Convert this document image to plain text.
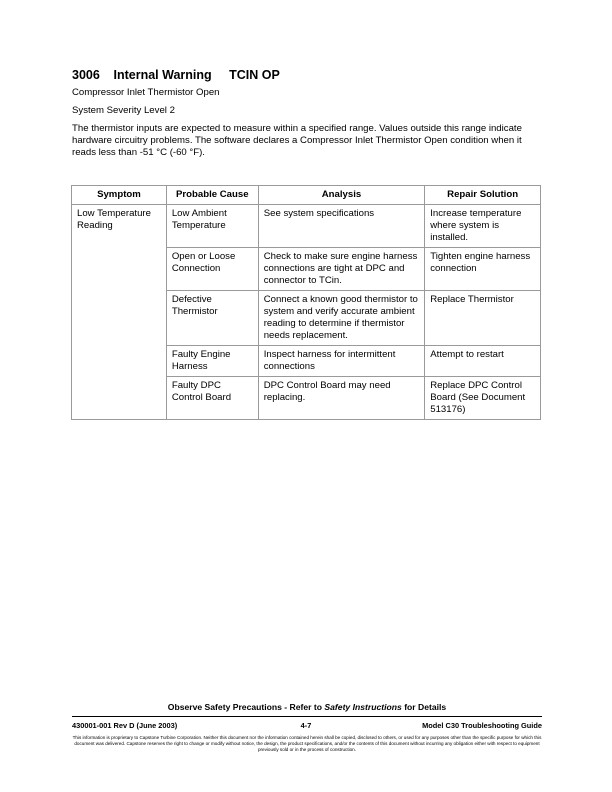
3006 Internal Warning TCIN OP
Compressor Inlet Thermistor Open
System Severity Level 2
The thermistor inputs are expected to measure within a specified range. Values outside this range indicate hardware circuitry problems. The software declares a Compressor Inlet Thermistor Open condition when it reads less than -51 °C (-60 °F).
Symptom	Probable Cause	Analysis	Repair Solution
Low Temperature Reading	Low Ambient Temperature	See system specifications	Increase temperature where system is installed.
	Open or Loose Connection	Check to make sure engine harness connections are tight at DPC and connector to TCin.	Tighten engine harness connection
	Defective Thermistor	Connect a known good thermistor to system and verify accurate ambient reading to determine if thermistor needs replacement.	Replace Thermistor
	Faulty Engine Harness	Inspect harness for intermittent connections	Attempt to restart
	Faulty DPC Control Board	DPC Control Board may need replacing.	Replace DPC Control Board (See Document 513176)
Observe Safety Precautions - Refer to Safety Instructions for Details
430001-001 Rev D (June 2003)	4-7	Model C30 Troubleshooting Guide
This information is proprietary to Capstone Turbine Corporation. Neither this document nor the information contained herein shall be copied, disclosed to others, or used for any purposes other than the specific purpose for which this document was delivered. Capstone reserves the right to change or modify without notice, the design, the product specifications, and/or the contents of this document without incurring any obligation either with respect to equipment previously sold or in the process of construction.
